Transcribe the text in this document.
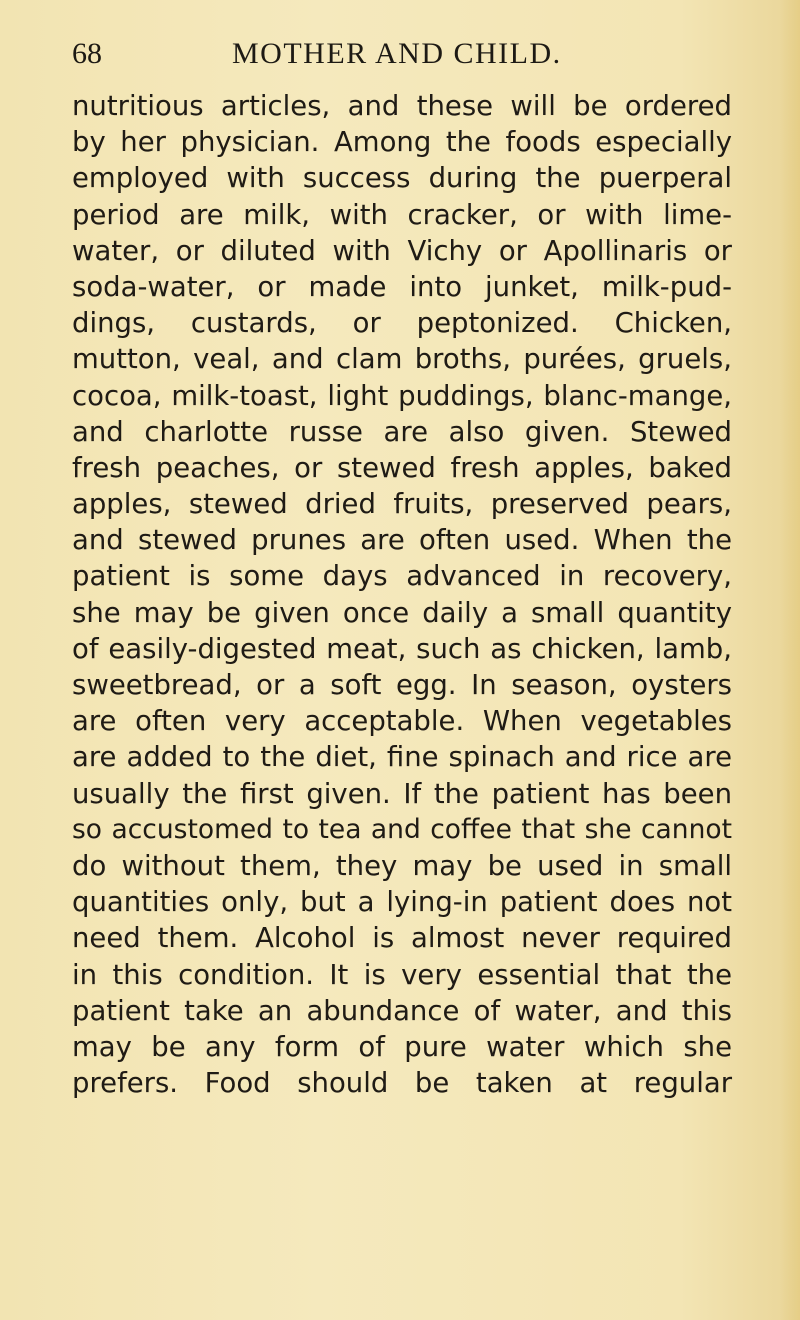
68	MOTHER AND CHILD.
nutritious articles, and these will be ordered
by her physician. Among the foods especially
employed with success during the puerperal
period are milk, with cracker, or with lime-
water, or diluted with Vichy or Apollinaris or
soda-water, or made into junket, milk-pud-
dings, custards, or peptonized. Chicken,
mutton, veal, and clam broths, purées, gruels,
cocoa, milk-toast, light puddings, blanc-mange,
and charlotte russe are also given. Stewed
fresh peaches, or stewed fresh apples, baked
apples, stewed dried fruits, preserved pears,
and stewed prunes are often used. When the
patient is some days advanced in recovery,
she may be given once daily a small quantity
of easily-digested meat, such as chicken, lamb,
sweetbread, or a soft egg. In season, oysters
are often very acceptable. When vegetables
are added to the diet, fine spinach and rice are
usually the first given. If the patient has been
so accustomed to tea and coffee that she cannot
do without them, they may be used in small
quantities only, but a lying-in patient does not
need them. Alcohol is almost never required
in this condition. It is very essential that the
patient take an abundance of water, and this
may be any form of pure water which she
prefers. Food should be taken at regular
